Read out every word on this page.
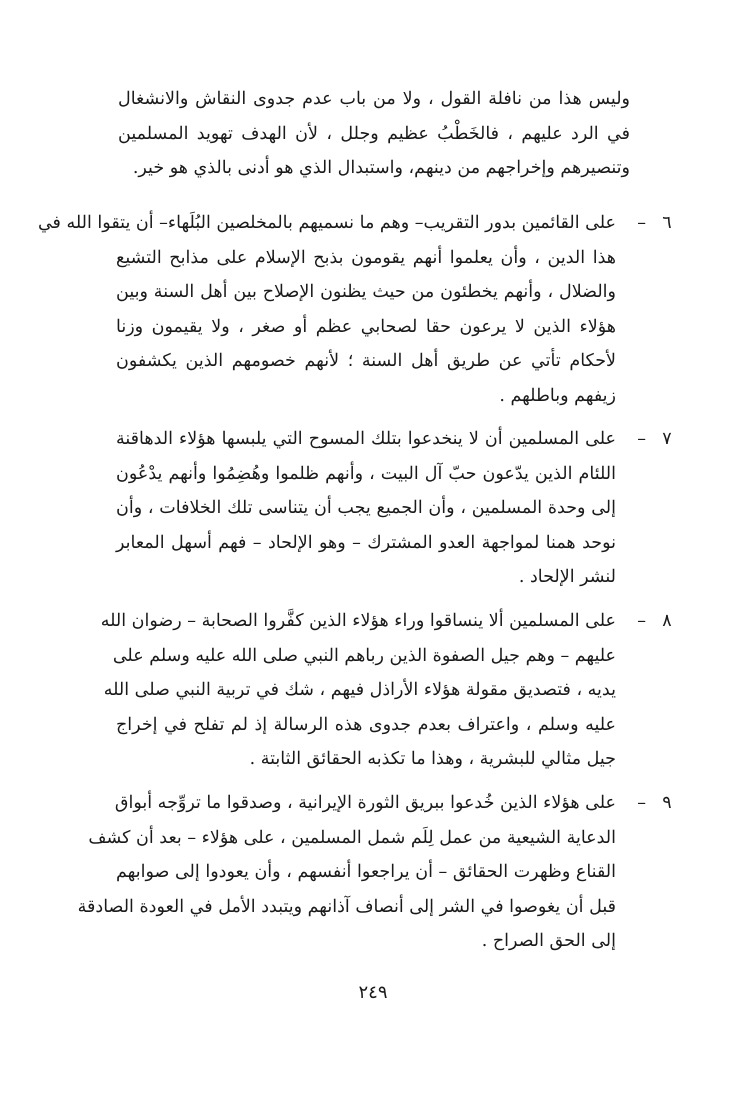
وليس هذا من نافلة القول ، ولا من باب عدم جدوى النقاش والانشغال
في الرد عليهم ، فالخَطْبُ عظيم وجلل ، لأن الهدف تهويد المسلمين
وتنصيرهم وإخراجهم من دينهم، واستبدال الذي هو أدنى بالذي هو خير.
٦
–
على القائمين بدور التقريب– وهم ما نسميهم بالمخلصين البُلَهاء– أن يتقوا الله في
هذا الدين ، وأن يعلموا أنهم يقومون بذبح الإسلام على مذابح التشيع
والضلال ، وأنهم يخطئون من حيث يظنون الإصلاح بين أهل السنة وبين
هؤلاء الذين لا يرعون حقا لصحابي عظم أو صغر ، ولا يقيمون وزنا
لأحكام تأتي عن طريق أهل السنة ؛ لأنهم خصومهم الذين يكشفون
زيفهم وباطلهم .
٧
–
على المسلمين أن لا ينخدعوا بتلك المسوح التي يلبسها هؤلاء الدهاقنة
اللئام الذين يدّعون حبّ آل البيت ، وأنهم ظلموا وهُضِمُوا وأنهم يدْعُون
إلى وحدة المسلمين ، وأن الجميع يجب أن يتناسى تلك الخلافات ، وأن
نوحد همنا لمواجهة العدو المشترك – وهو الإلحاد – فهم أسهل المعابر
لنشر الإلحاد .
٨
–
على المسلمين ألا ينساقوا وراء هؤلاء الذين كفَّروا الصحابة – رضوان الله
عليهم – وهم جيل الصفوة الذين رباهم النبي صلى الله عليه وسلم على
يديه ، فتصديق مقولة هؤلاء الأراذل فيهم ، شك في تربية النبي صلى الله
عليه وسلم ، واعتراف بعدم جدوى هذه الرسالة إذ لم تفلح في إخراج
جيل مثالي للبشرية ، وهذا ما تكذبه الحقائق الثابتة .
٩
–
على هؤلاء الذين خُدعوا ببريق الثورة الإيرانية ، وصدقوا ما تروِّجه أبواق
الدعاية الشيعية من عمل لِلَم شمل المسلمين ، على هؤلاء – بعد أن كشف
القناع وظهرت الحقائق – أن يراجعوا أنفسهم ، وأن يعودوا إلى صوابهم
قبل أن يغوصوا في الشر إلى أنصاف آذانهم ويتبدد الأمل في العودة الصادقة
إلى الحق الصراح .
٢٤٩
